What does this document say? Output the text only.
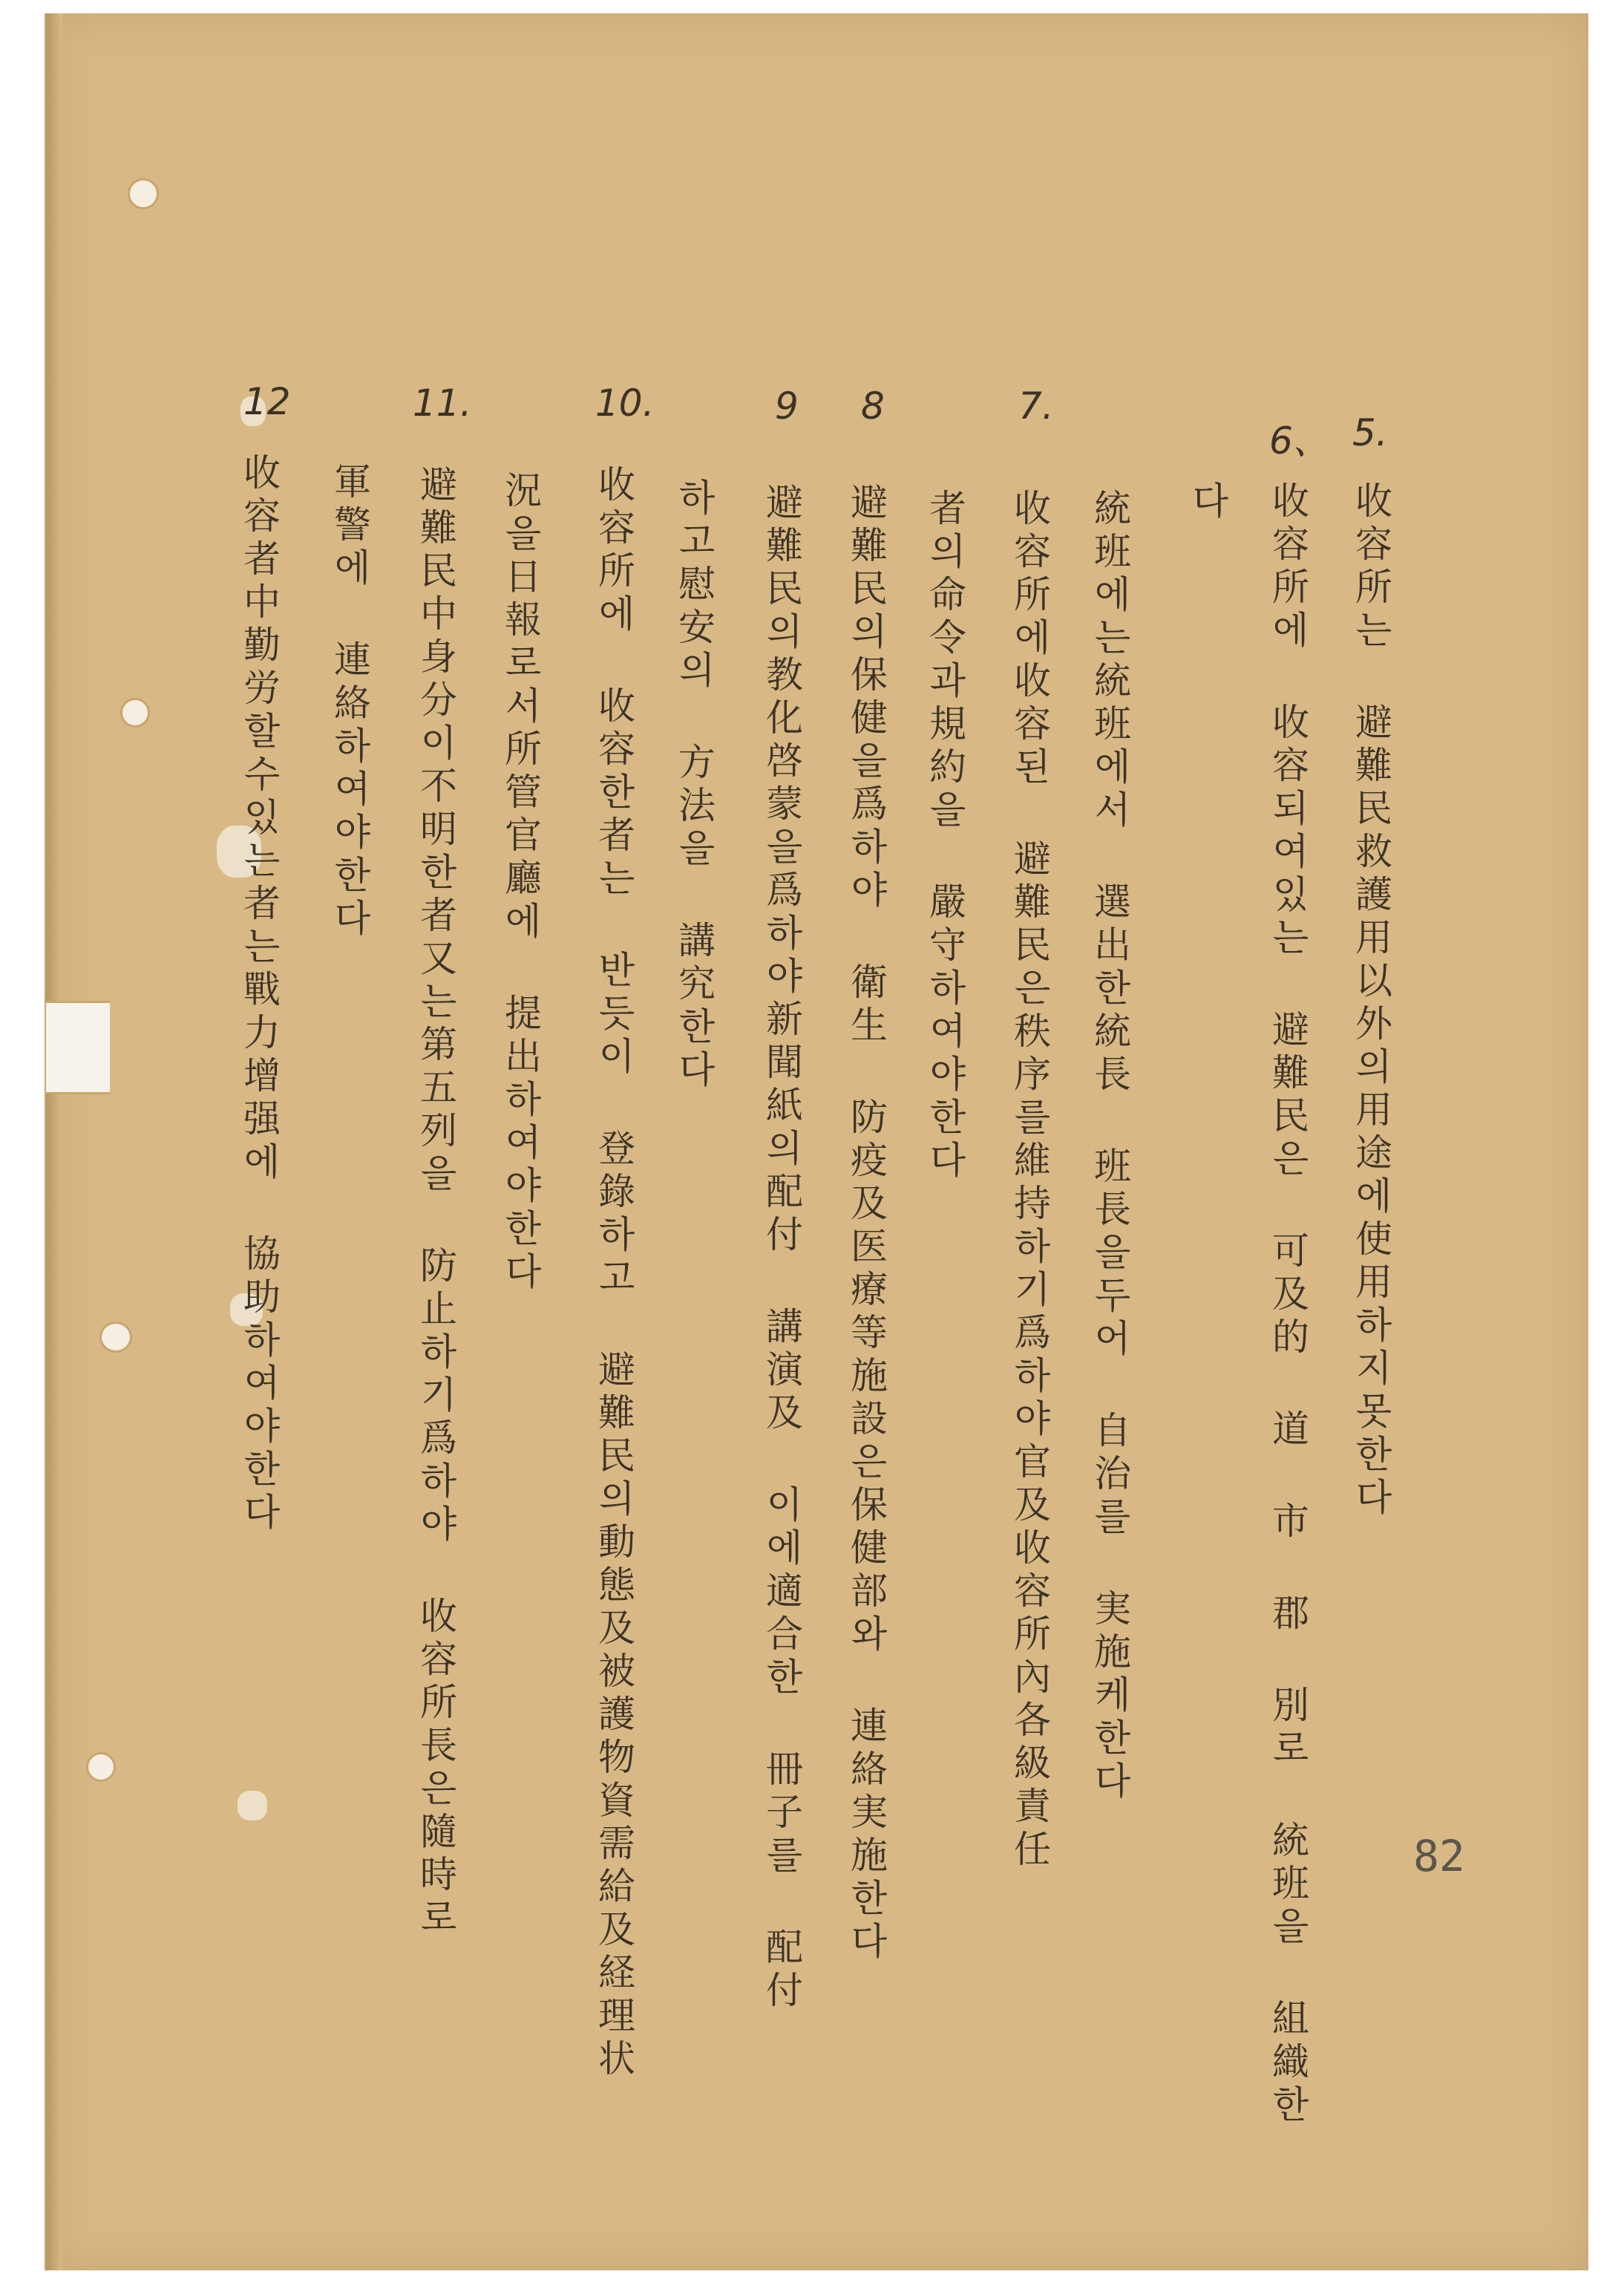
5.
收容所는 避難民救護用以外의用途에使用하지못한다
6、
收容所에 收容되여있는 避難民은 可及的 道 市 郡 別로 統班을 組織한
다
統班에는統班에서 選出한統長 班長을두어 自治를 実施케한다
7.
收容所에收容된 避難民은秩序를維持하기爲하야官及收容所內各級責任
者의命令과規約을 嚴守하여야한다
8
避難民의保健을爲하야 衛生 防疫及医療等施設은保健部와 連絡実施한다
9
避難民의教化啓蒙을爲하야新聞紙의配付 講演及 이에適合한 冊子를 配付
하고慰安의 方法을 講究한다
10.
收容所에 收容한者는 반듯이 登錄하고 避難民의動態及被護物資需給及経理状
況을日報로서所管官廳에 提出하여야한다
11.
避難民中身分이不明한者又는第五列을 防止하기爲하야 收容所長은隨時로
軍警에 連絡하여야한다
12
收容者中勤労할수있는者는戰力增强에 協助하여야한다
82
